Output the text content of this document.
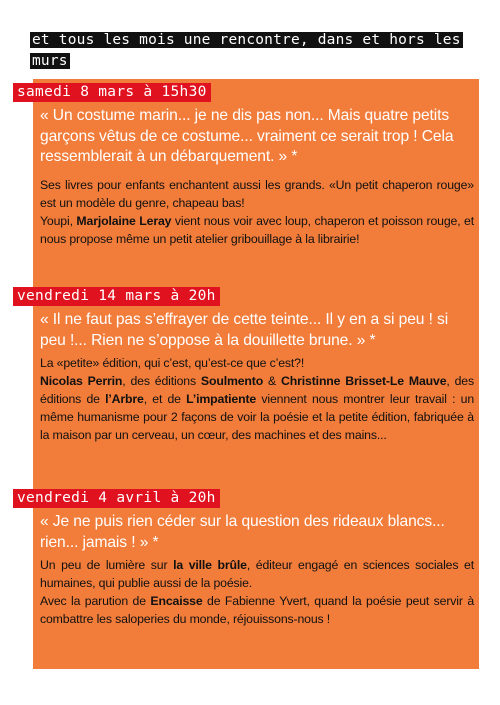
et tous les mois une rencontre, dans et hors les murs
samedi 8 mars à 15h30
« Un costume marin... je ne dis pas non... Mais quatre petits garçons vêtus de ce costume... vraiment ce serait trop ! Cela ressemblerait à un débarquement. » *

Ses livres pour enfants enchantent aussi les grands. «Un petit chaperon rouge» est un modèle du genre, chapeau bas!

Youpi, Marjolaine Leray vient nous voir avec loup, chaperon et poisson rouge, et nous propose même un petit atelier gribouillage à la librairie!

vendredi 14 mars à 20h
« Il ne faut pas s’effrayer de cette teinte... Il y en a si peu ! si peu !... Rien ne s’oppose à la douillette brune. » *

La «petite» édition, qui c’est, qu’est-ce que c’est?!

Nicolas Perrin, des éditions Soulmento & Christinne Brisset-Le Mauve, des éditions de l’Arbre, et de L’impatiente viennent nous montrer leur travail : un même humanisme pour 2 façons de voir la poésie et la petite édition, fabriquée à la maison par un cerveau, un cœur, des machines et des mains...

vendredi 4 avril à 20h
« Je ne puis rien céder sur la question des rideaux blancs... rien... jamais ! » *

Un peu de lumière sur la ville brûle, éditeur engagé en sciences sociales et humaines, qui publie aussi de la poésie.

Avec la parution de Encaisse de Fabienne Yvert, quand la poésie peut servir à combattre les saloperies du monde, réjouissons-nous !
